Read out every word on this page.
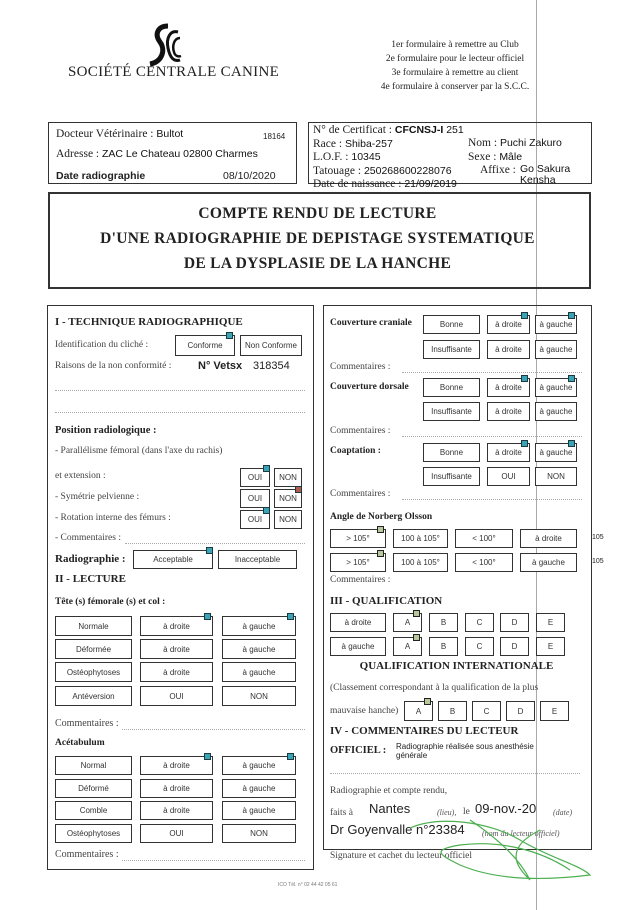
SOCIÉTÉ CENTRALE CANINE
1er formulaire à remettre au Club
2e formulaire pour le lecteur officiel
3e formulaire à remettre au client
4e formulaire à conserver par la S.C.C.
Docteur Vétérinaire : Bultot	18164
Adresse : ZAC Le Chateau 02800 Charmes
Date radiographie	08/10/2020
N° de Certificat : CFCNSJ-I 251
Race : Shiba-257
L.O.F. : 10345
Tatouage : 250268600228076
Date de naissance : 21/09/2019
Nom : Puchi Zakuro
Sexe : Mâle
Affixe : Go Sakura
Kensha
COMPTE RENDU DE LECTURE
D'UNE RADIOGRAPHIE DE DEPISTAGE SYSTEMATIQUE
DE LA DYSPLASIE DE LA HANCHE
I - TECHNIQUE RADIOGRAPHIQUE
Identification du cliché :	Conforme	Non Conforme
Raisons de la non conformité : N° Vetsx 318354
Position radiologique :
- Parallélisme fémoral (dans l'axe du rachis)
et extension :	OUI	NON
- Symétrie pelvienne :	OUI	NON
- Rotation interne des fémurs :	OUI	NON
- Commentaires :
Radiographie :	Acceptable	Inacceptable
II - LECTURE
Tête (s) fémorale (s) et col :
Normale	à droite	à gauche
Déformée	à droite	à gauche
Ostéophytoses	à droite	à gauche
Antéversion	OUI	NON
Commentaires :
Acétabulum
Normal	à droite	à gauche
Déformé	à droite	à gauche
Comble	à droite	à gauche
Ostéophytoses	OUI	NON
Commentaires :
Couverture craniale	Bonne	à droite	à gauche
Insuffisante	à droite	à gauche
Commentaires :
Couverture dorsale	Bonne	à droite	à gauche
Insuffisante	à droite	à gauche
Commentaires :
Coaptation :	Bonne	à droite	à gauche
Insuffisante	OUI	NON
Commentaires :
Angle de Norberg Olsson
> 105°	100 à 105°	< 100°	à droite
> 105°	100 à 105°	< 100°	à gauche
105
105
Commentaires :
III - QUALIFICATION
à droite	A	B	C	D	E
à gauche	A	B	C	D	E
QUALIFICATION INTERNATIONALE
(Classement correspondant à la qualification de la plus
mauvaise hanche)	A	B	C	D	E
IV - COMMENTAIRES DU LECTEUR
OFFICIEL : Radiographie réalisée sous anesthésie
générale
Radiographie et compte rendu,
faits à Nantes	(lieu), le 09-nov.-20 (date)
Dr Goyenvalle n°23384 (nom du lecteur officiel)
Signature et cachet du lecteur officiel
ICO Tél. n° 02 44 42 05 61
